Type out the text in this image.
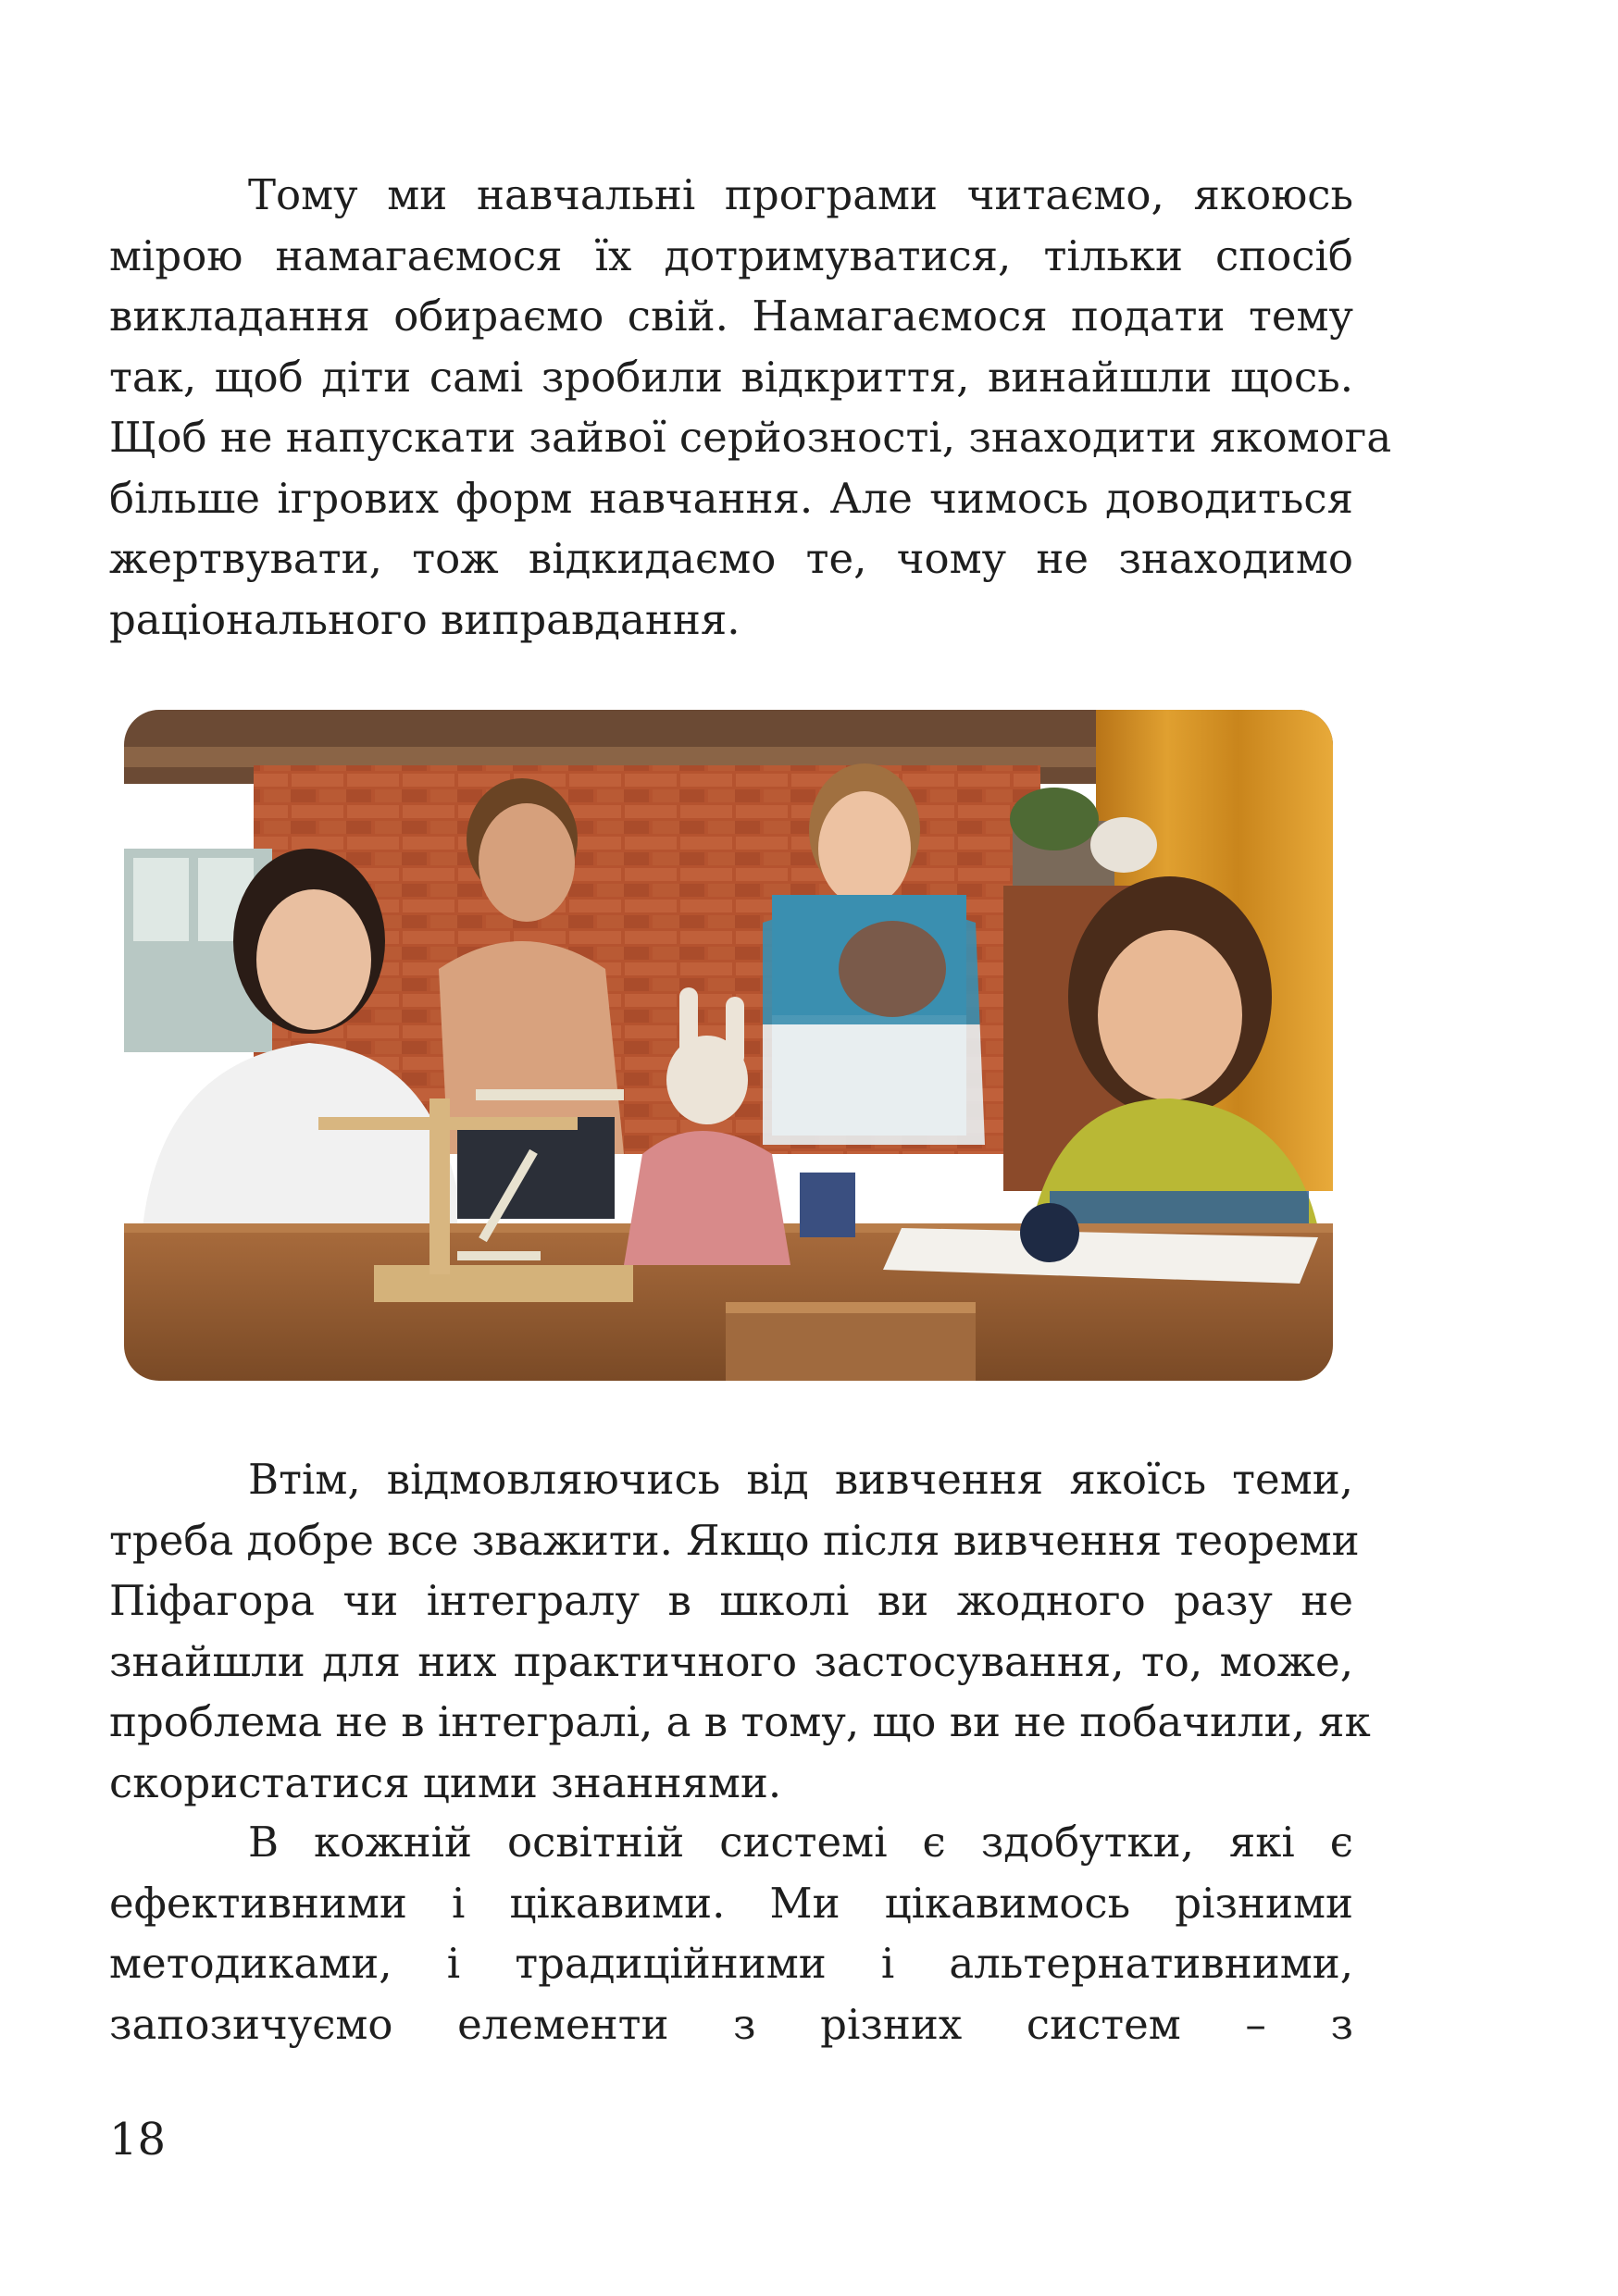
Тому ми навчальні програми читаємо, якоюсь
мірою намагаємося їх дотримуватися, тільки спосіб
викладання обираємо свій. Намагаємося подати тему
так, щоб діти самі зробили відкриття, винайшли щось.
Щоб не напускати зайвої серйозності, знаходити якомога
більше ігрових форм навчання. Але чимось доводиться
жертвувати, тож відкидаємо те, чому не знаходимо
раціонального виправдання.
Втім, відмовляючись від вивчення якоїсь теми,
треба добре все зважити. Якщо після вивчення теореми
Піфагора чи інтегралу в школі ви жодного разу не
знайшли для них практичного застосування, то, може,
проблема не в інтегралі, а в тому, що ви не побачили, як
скористатися цими знаннями.
В кожній освітній системі є здобутки, які є
ефективними і цікавими. Ми цікавимось різними
методиками, і традиційними і альтернативними,
запозичуємо елементи з різних систем – з
18
